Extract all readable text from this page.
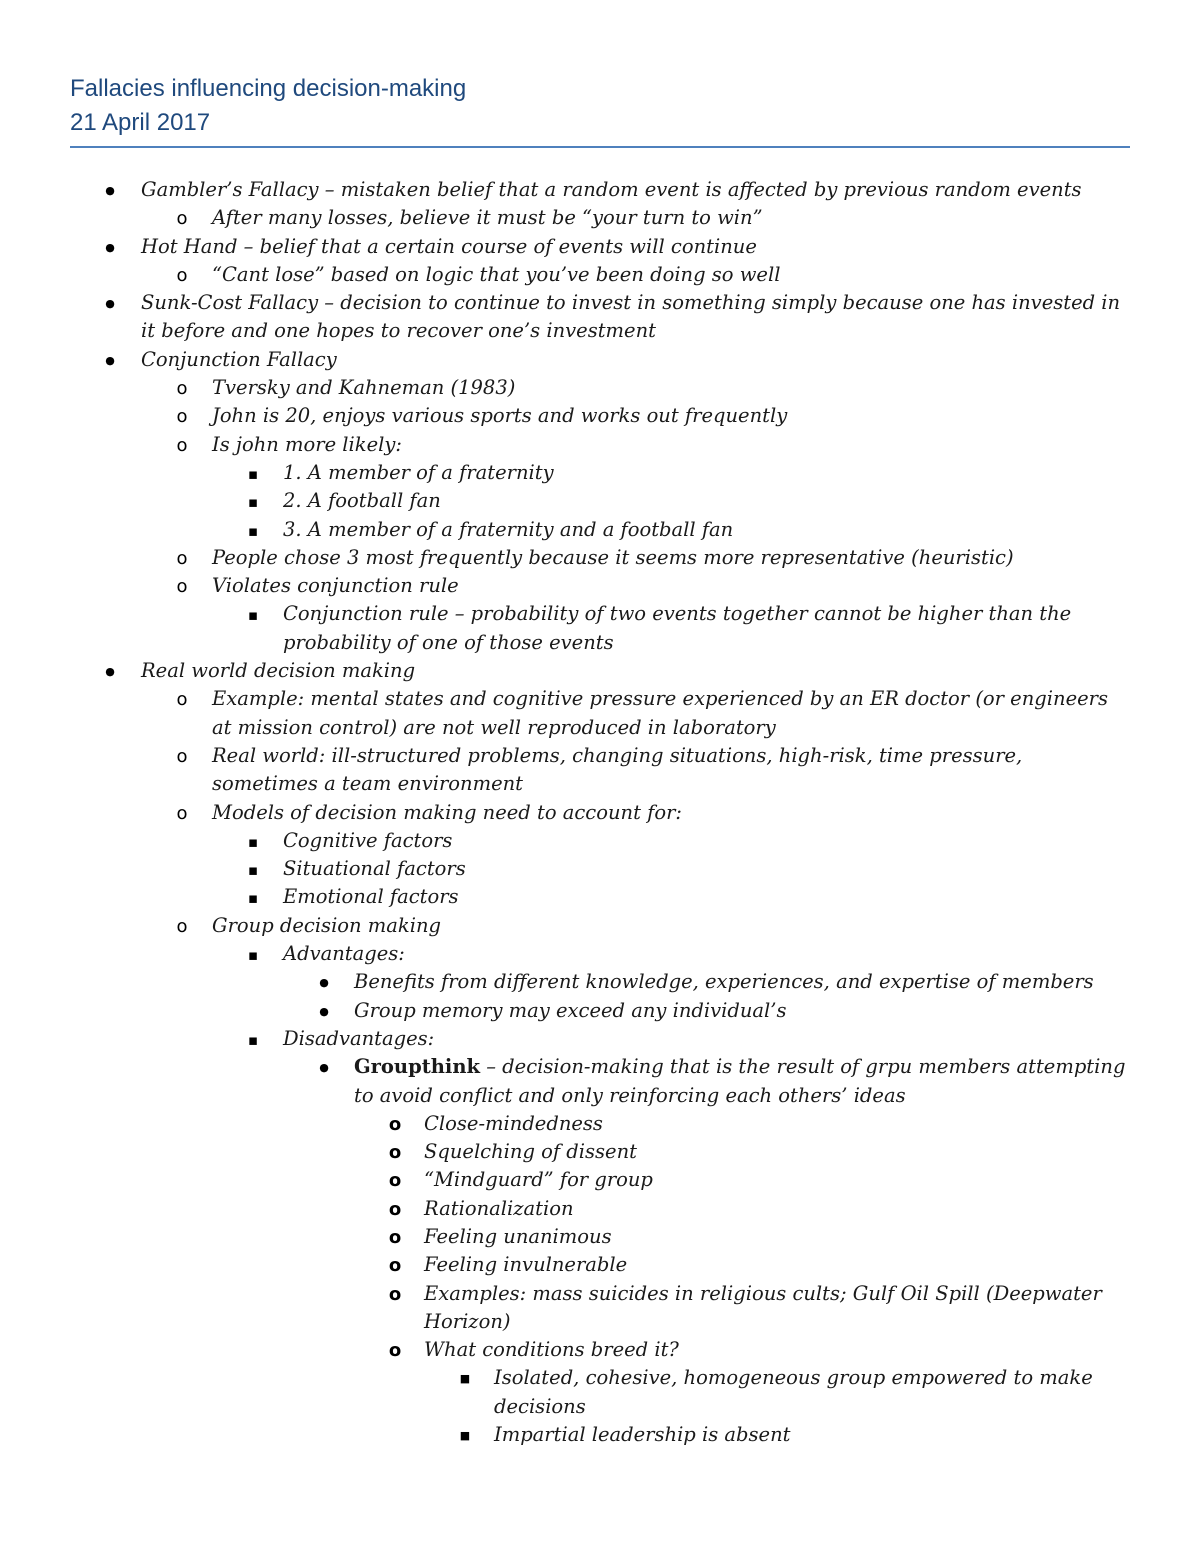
Fallacies influencing decision-making
21 April 2017
●
Gambler’s Fallacy – mistaken belief that a random event is affected by previous random events
o
After many losses, believe it must be “your turn to win”
●
Hot Hand – belief that a certain course of events will continue
o
“Cant lose” based on logic that you’ve been doing so well
●
Sunk-Cost Fallacy – decision to continue to invest in something simply because one has invested in it before and one hopes to recover one’s investment
●
Conjunction Fallacy
o
Tversky and Kahneman (1983)
o
John is 20, enjoys various sports and works out frequently
o
Is john more likely:
▪
1. A member of a fraternity
▪
2. A football fan
▪
3. A member of a fraternity and a football fan
o
People chose 3 most frequently because it seems more representative (heuristic)
o
Violates conjunction rule
▪
Conjunction rule – probability of two events together cannot be higher than the probability of one of those events
●
Real world decision making
o
Example: mental states and cognitive pressure experienced by an ER doctor (or engineers at mission control) are not well reproduced in laboratory
o
Real world: ill-structured problems, changing situations, high-risk, time pressure, sometimes a team environment
o
Models of decision making need to account for:
▪
Cognitive factors
▪
Situational factors
▪
Emotional factors
o
Group decision making
▪
Advantages:
●
Benefits from different knowledge, experiences, and expertise of members
●
Group memory may exceed any individual’s
▪
Disadvantages:
●
Groupthink – decision-making that is the result of grpu members attempting to avoid conflict and only reinforcing each others’ ideas
o
Close-mindedness
o
Squelching of dissent
o
“Mindguard” for group
o
Rationalization
o
Feeling unanimous
o
Feeling invulnerable
o
Examples: mass suicides in religious cults; Gulf Oil Spill (Deepwater Horizon)
o
What conditions breed it?
■
Isolated, cohesive, homogeneous group empowered to make decisions
■
Impartial leadership is absent
